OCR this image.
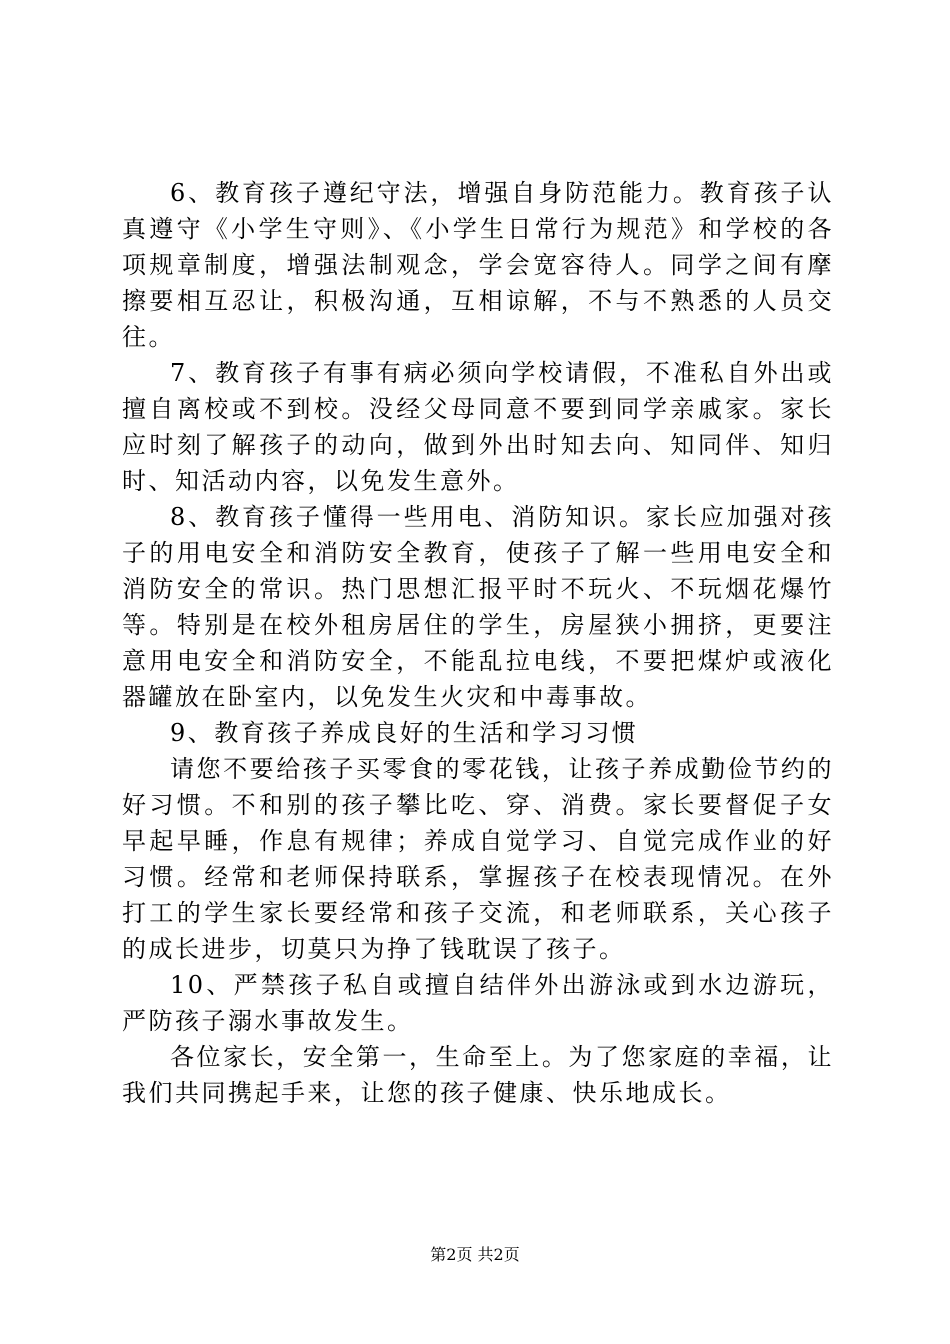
6、教育孩子遵纪守法，增强自身防范能力。教育孩子认真遵守《小学生守则》、《小学生日常行为规范》和学校的各项规章制度，增强法制观念，学会宽容待人。同学之间有摩擦要相互忍让，积极沟通，互相谅解，不与不熟悉的人员交往。

7、教育孩子有事有病必须向学校请假，不准私自外出或擅自离校或不到校。没经父母同意不要到同学亲戚家。家长应时刻了解孩子的动向，做到外出时知去向、知同伴、知归时、知活动内容，以免发生意外。

8、教育孩子懂得一些用电、消防知识。家长应加强对孩子的用电安全和消防安全教育，使孩子了解一些用电安全和消防安全的常识。热门思想汇报平时不玩火、不玩烟花爆竹等。特别是在校外租房居住的学生，房屋狭小拥挤，更要注意用电安全和消防安全，不能乱拉电线，不要把煤炉或液化器罐放在卧室内，以免发生火灾和中毒事故。

9、教育孩子养成良好的生活和学习习惯

请您不要给孩子买零食的零花钱，让孩子养成勤俭节约的好习惯。不和别的孩子攀比吃、穿、消费。家长要督促子女早起早睡，作息有规律；养成自觉学习、自觉完成作业的好习惯。经常和老师保持联系，掌握孩子在校表现情况。在外打工的学生家长要经常和孩子交流，和老师联系，关心孩子的成长进步，切莫只为挣了钱耽误了孩子。

10、严禁孩子私自或擅自结伴外出游泳或到水边游玩，严防孩子溺水事故发生。

各位家长，安全第一，生命至上。为了您家庭的幸福，让我们共同携起手来，让您的孩子健康、快乐地成长。

第2页 共2页
